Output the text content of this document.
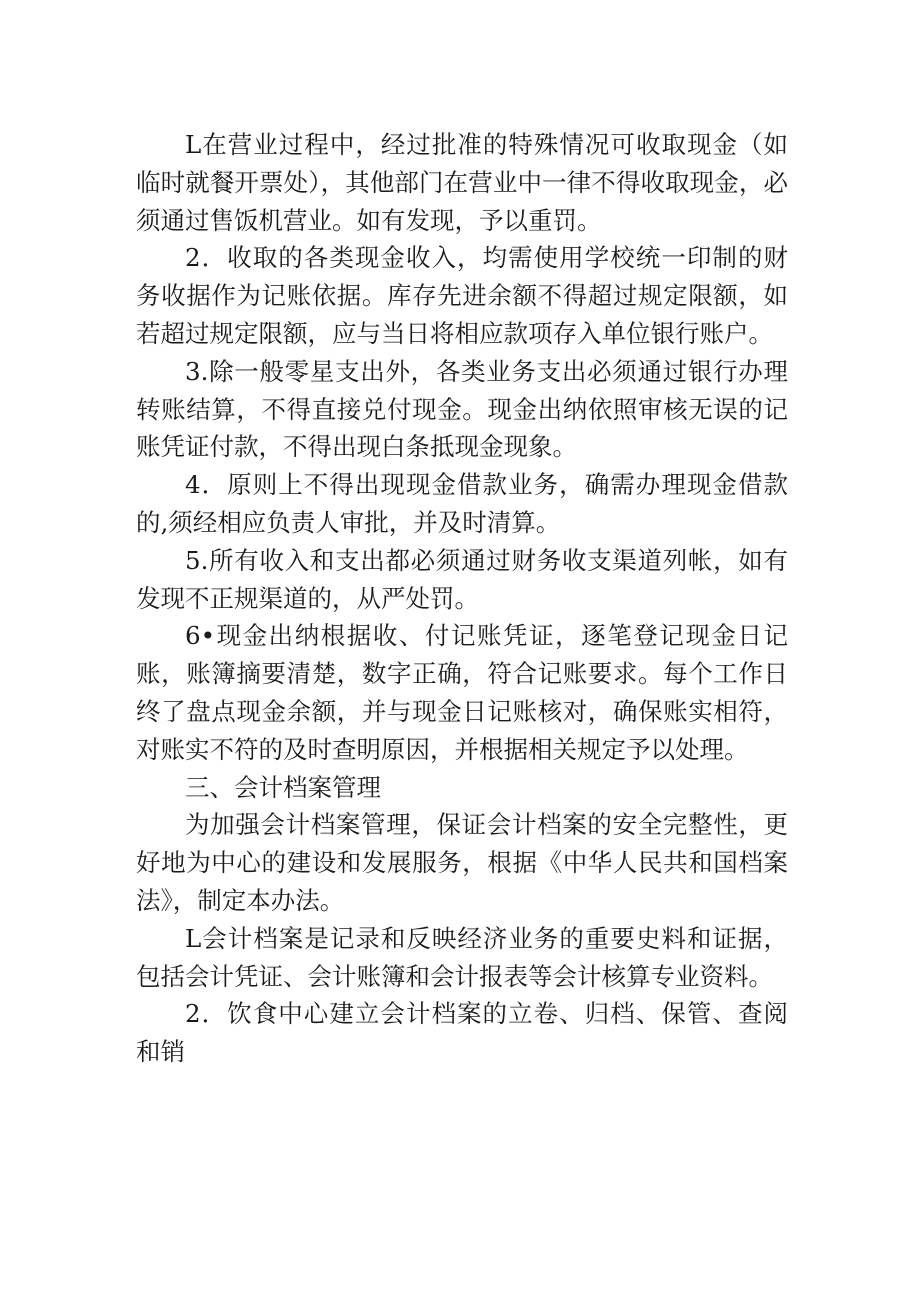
L在营业过程中，经过批准的特殊情况可收取现金（如临时就餐开票处），其他部门在营业中一律不得收取现金，必须通过售饭机营业。如有发现，予以重罚。

2．收取的各类现金收入，均需使用学校统一印制的财务收据作为记账依据。库存先进余额不得超过规定限额，如若超过规定限额，应与当日将相应款项存入单位银行账户。

3.除一般零星支出外，各类业务支出必须通过银行办理转账结算，不得直接兑付现金。现金出纳依照审核无误的记账凭证付款，不得出现白条抵现金现象。

4．原则上不得出现现金借款业务，确需办理现金借款的,须经相应负责人审批，并及时清算。

5.所有收入和支出都必须通过财务收支渠道列帐，如有发现不正规渠道的，从严处罚。

6•现金出纳根据收、付记账凭证，逐笔登记现金日记账，账簿摘要清楚，数字正确，符合记账要求。每个工作日终了盘点现金余额，并与现金日记账核对，确保账实相符，对账实不符的及时查明原因，并根据相关规定予以处理。

三、会计档案管理

为加强会计档案管理，保证会计档案的安全完整性，更好地为中心的建设和发展服务，根据《中华人民共和国档案法》，制定本办法。

L会计档案是记录和反映经济业务的重要史料和证据，包括会计凭证、会计账簿和会计报表等会计核算专业资料。

2．饮食中心建立会计档案的立卷、归档、保管、查阅和销
